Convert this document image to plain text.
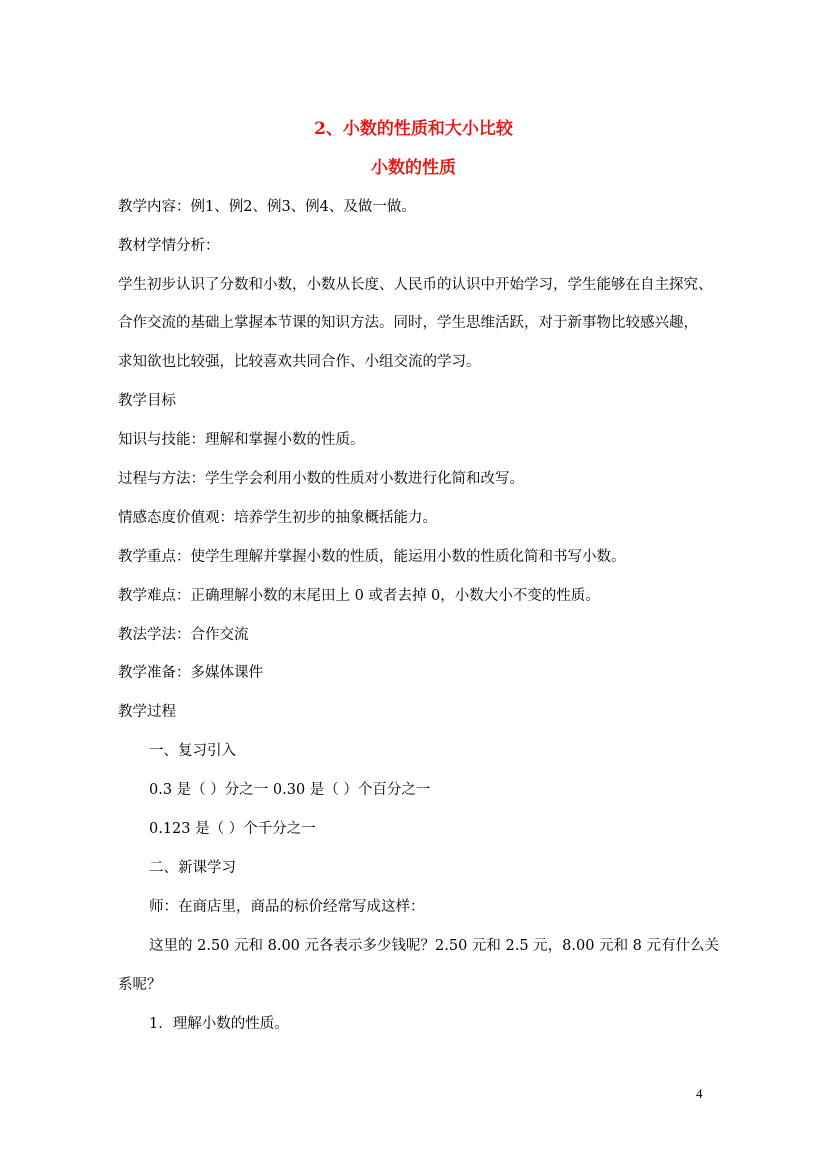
2、小数的性质和大小比较
小数的性质

教学内容：例1、例2、例3、例4、及做一做。

教材学情分析：

学生初步认识了分数和小数，小数从长度、人民币的认识中开始学习，学生能够在自主探究、

合作交流的基础上掌握本节课的知识方法。同时，学生思维活跃，对于新事物比较感兴趣，

求知欲也比较强，比较喜欢共同合作、小组交流的学习。

教学目标

知识与技能：理解和掌握小数的性质。

过程与方法：学生学会利用小数的性质对小数进行化简和改写。

情感态度价值观：培养学生初步的抽象概括能力。

教学重点：使学生理解并掌握小数的性质，能运用小数的性质化简和书写小数。

教学难点：正确理解小数的末尾田上 0 或者去掉 0，小数大小不变的性质。

教法学法：合作交流

教学准备：多媒体课件

教学过程

一、复习引入

0.3 是（ ）分之一 0.30 是（ ）个百分之一

0.123 是（ ）个千分之一

二、新课学习

师：在商店里，商品的标价经常写成这样：

这里的 2.50 元和 8.00 元各表示多少钱呢？2.50 元和 2.5 元，8.00 元和 8 元有什么关

系呢？

1．理解小数的性质。

4
